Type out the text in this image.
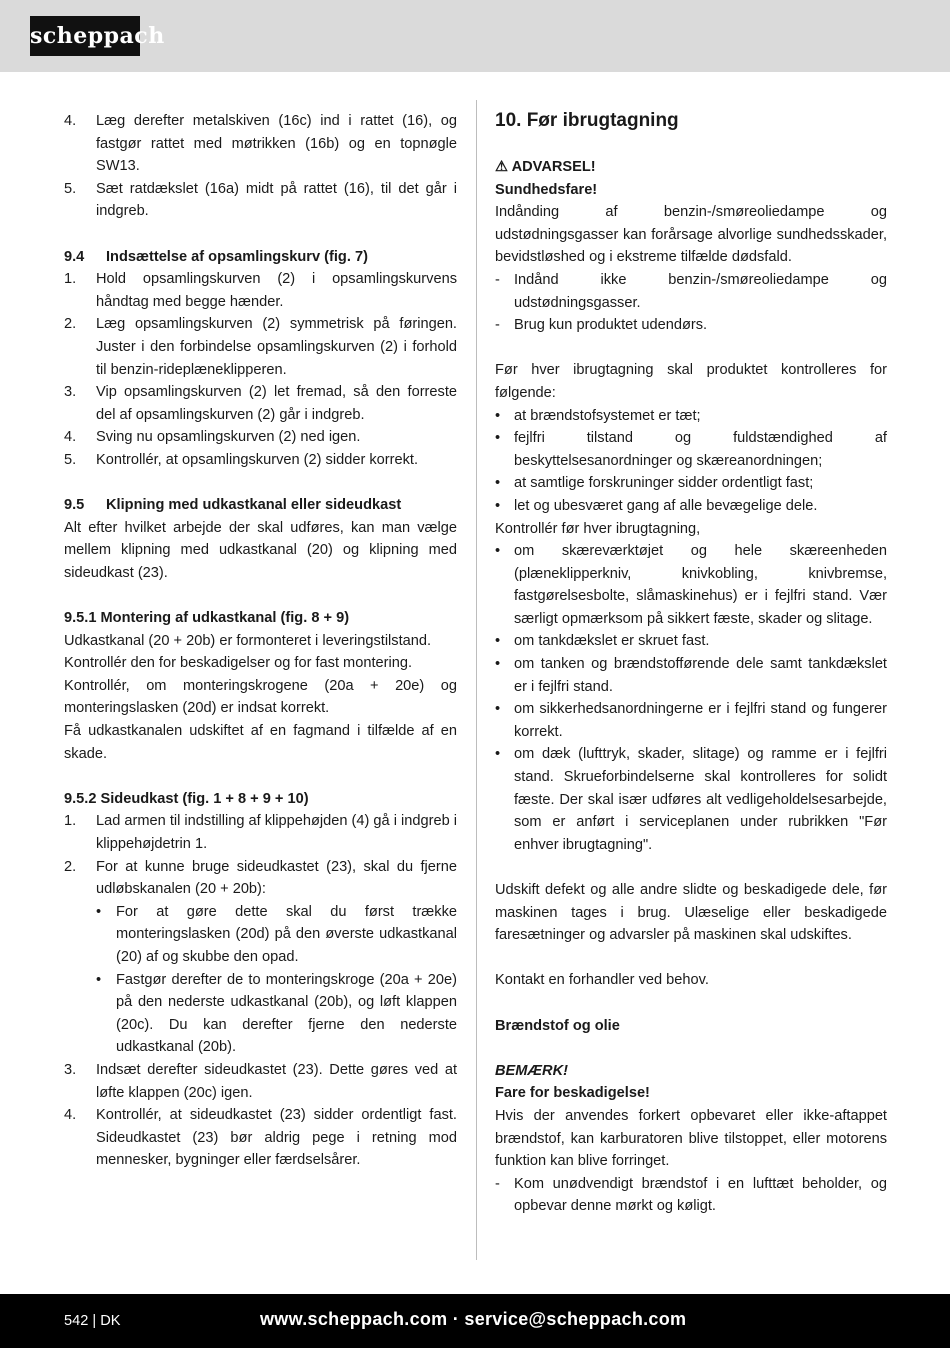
scheppach
4.	Læg derefter metalskiven (16c) ind i rattet (16), og fastgør rattet med møtrikken (16b) og en topnøgle SW13.
5.	Sæt ratdækslet (16a) midt på rattet (16), til det går i indgreb.
9.4 Indsættelse af opsamlingskurv (fig. 7)
1.	Hold opsamlingskurven (2) i opsamlingskurvens håndtag med begge hænder.
2.	Læg opsamlingskurven (2) symmetrisk på føringen. Juster i den forbindelse opsamlingskurven (2) i forhold til benzin-rideplæneklipperen.
3.	Vip opsamlingskurven (2) let fremad, så den forreste del af opsamlingskurven (2) går i indgreb.
4.	Sving nu opsamlingskurven (2) ned igen.
5.	Kontrollér, at opsamlingskurven (2) sidder korrekt.
9.5 Klipning med udkastkanal eller sideudkast
Alt efter hvilket arbejde der skal udføres, kan man vælge mellem klipning med udkastkanal (20) og klipning med sideudkast (23).
9.5.1 Montering af udkastkanal (fig. 8 + 9)
Udkastkanal (20 + 20b) er formonteret i leveringstilstand.
Kontrollér den for beskadigelser og for fast montering.
Kontrollér, om monteringskrogene (20a + 20e) og monteringslasken (20d) er indsat korrekt.
Få udkastkanalen udskiftet af en fagmand i tilfælde af en skade.
9.5.2 Sideudkast (fig. 1 + 8 + 9 + 10)
1.	Lad armen til indstilling af klippehøjden (4) gå i indgreb i klippehøjdetrin 1.
2.	For at kunne bruge sideudkastet (23), skal du fjerne udløbskanalen (20 + 20b):
•	For at gøre dette skal du først trække monteringslasken (20d) på den øverste udkastkanal (20) af og skubbe den opad.
•	Fastgør derefter de to monteringskroge (20a + 20e) på den nederste udkastkanal (20b), og løft klappen (20c). Du kan derefter fjerne den nederste udkastkanal (20b).
3.	Indsæt derefter sideudkastet (23). Dette gøres ved at løfte klappen (20c) igen.
4.	Kontrollér, at sideudkastet (23) sidder ordentligt fast. Sideudkastet (23) bør aldrig pege i retning mod mennesker, bygninger eller færdselsårer.
10. Før ibrugtagning
⚠ ADVARSEL!
Sundhedsfare!
Indånding af benzin-/smøreoliedampe og udstødningsgasser kan forårsage alvorlige sundhedsskader, bevidstløshed og i ekstreme tilfælde dødsfald.
- Indånd ikke benzin-/smøreoliedampe og udstødningsgasser.
- Brug kun produktet udendørs.
Før hver ibrugtagning skal produktet kontrolleres for følgende:
• at brændstofsystemet er tæt;
• fejlfri tilstand og fuldstændighed af beskyttelsesanordninger og skæreanordningen;
• at samtlige forskruninger sidder ordentligt fast;
• let og ubesværet gang af alle bevægelige dele.
Kontrollér før hver ibrugtagning,
• om skæreværktøjet og hele skæreenheden (plæneklipperkniv, knivkobling, knivbremse, fastgørelsesbolte, slåmaskinehus) er i fejlfri stand. Vær særligt opmærksom på sikkert fæste, skader og slitage.
• om tankdækslet er skruet fast.
• om tanken og brændstofførende dele samt tankdækslet er i fejlfri stand.
• om sikkerhedsanordningerne er i fejlfri stand og fungerer korrekt.
• om dæk (lufttryk, skader, slitage) og ramme er i fejlfri stand. Skrueforbindelserne skal kontrolleres for solidt fæste. Der skal især udføres alt vedligeholdelsesarbejde, som er anført i serviceplanen under rubrikken "Før enhver ibrugtagning".
Udskift defekt og alle andre slidte og beskadigede dele, før maskinen tages i brug. Ulæselige eller beskadigede faresætninger og advarsler på maskinen skal udskiftes.
Kontakt en forhandler ved behov.
Brændstof og olie
BEMÆRK!
Fare for beskadigelse!
Hvis der anvendes forkert opbevaret eller ikke-aftappet brændstof, kan karburatoren blive tilstoppet, eller motorens funktion kan blive forringet.
- Kom unødvendigt brændstof i en lufttæt beholder, og opbevar denne mørkt og køligt.
542 | DK	www.scheppach.com · service@scheppach.com
